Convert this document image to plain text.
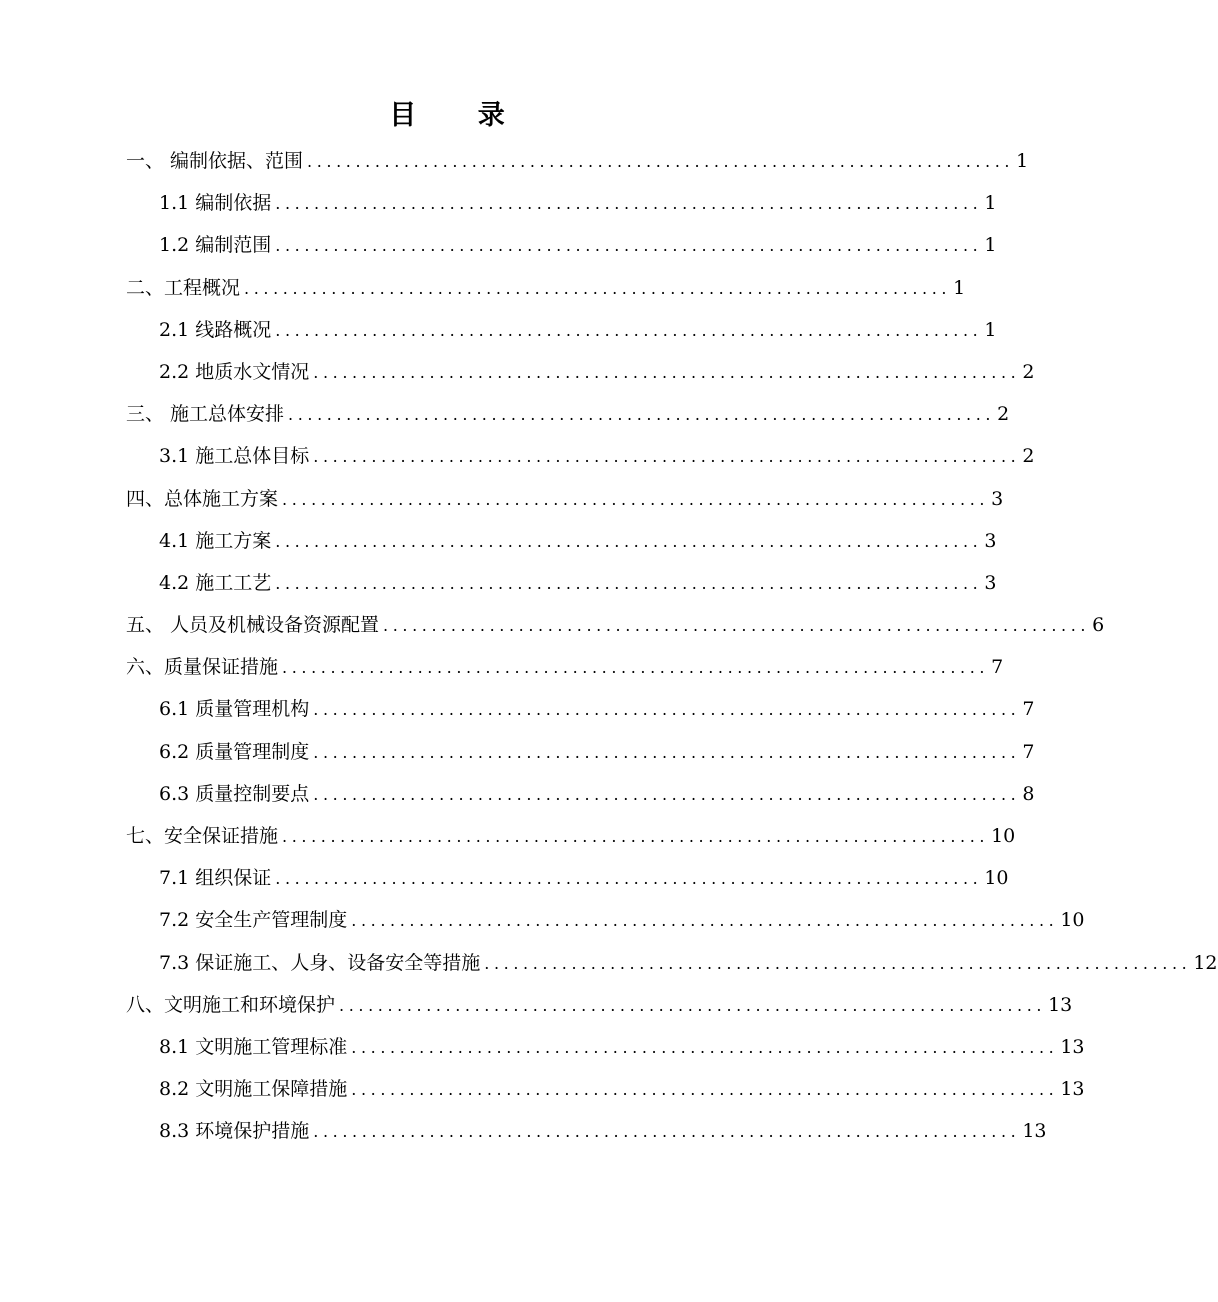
目 录
一、 编制依据、范围 ......................................................................... 1
1.1 编制依据 ......................................................................... 1
1.2 编制范围 ......................................................................... 1
二、工程概况 ......................................................................... 1
2.1 线路概况 ......................................................................... 1
2.2 地质水文情况 ......................................................................... 2
三、 施工总体安排 ......................................................................... 2
3.1 施工总体目标 ......................................................................... 2
四、总体施工方案 ......................................................................... 3
4.1 施工方案 ......................................................................... 3
4.2 施工工艺 ......................................................................... 3
五、 人员及机械设备资源配置 ......................................................................... 6
六、质量保证措施 ......................................................................... 7
6.1 质量管理机构 ......................................................................... 7
6.2 质量管理制度 ......................................................................... 7
6.3 质量控制要点 ......................................................................... 8
七、安全保证措施 ......................................................................... 10
7.1 组织保证 ......................................................................... 10
7.2 安全生产管理制度 ......................................................................... 10
7.3 保证施工、人身、设备安全等措施 ......................................................................... 12
八、文明施工和环境保护 ......................................................................... 13
8.1 文明施工管理标准 ......................................................................... 13
8.2 文明施工保障措施 ......................................................................... 13
8.3 环境保护措施 ......................................................................... 13
